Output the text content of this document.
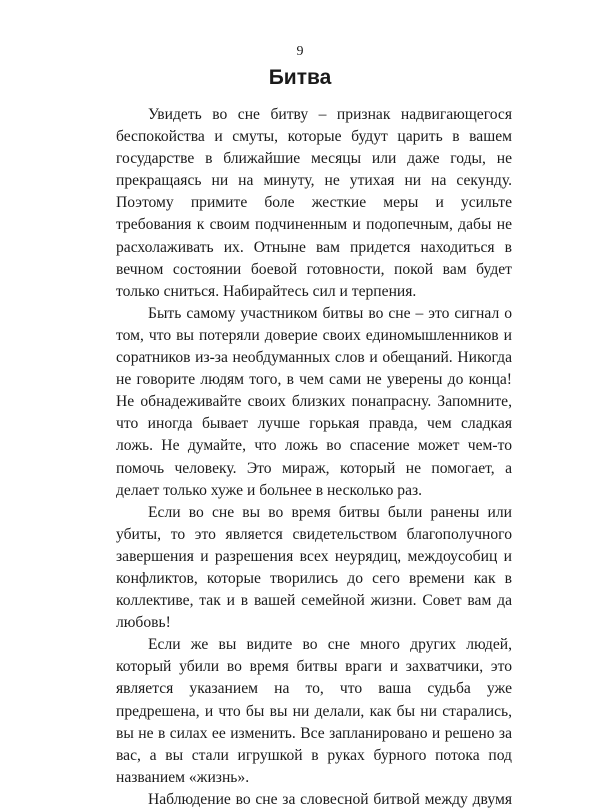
9
Битва

Увидеть во сне битву – признак надвигающегося беспокойства и смуты, которые будут царить в вашем государстве в ближайшие месяцы или даже годы, не прекращаясь ни на минуту, не утихая ни на секунду. Поэтому примите боле жесткие меры и усильте требования к своим подчиненным и подопечным, дабы не расхолаживать их. Отныне вам придется находиться в вечном состоянии боевой готовности, покой вам будет только сниться. Набирайтесь сил и терпения.

Быть самому участником битвы во сне – это сигнал о том, что вы потеряли доверие своих единомышленников и соратников из-за необдуманных слов и обещаний. Никогда не говорите людям того, в чем сами не уверены до конца! Не обнадеживайте своих близких понапрасну. Запомните, что иногда бывает лучше горькая правда, чем сладкая ложь. Не думайте, что ложь во спасение может чем-то помочь человеку. Это мираж, который не помогает, а делает только хуже и больнее в несколько раз.

Если во сне вы во время битвы были ранены или убиты, то это является свидетельством благополучного завершения и разрешения всех неурядиц, междоусобиц и конфликтов, которые творились до сего времени как в коллективе, так и в вашей семейной жизни. Совет вам да любовь!

Если же вы видите во сне много других людей, который убили во время битвы враги и захватчики, это является указанием на то, что ваша судьба уже предрешена, и что бы вы ни делали, как бы ни старались, вы не в силах ее изменить. Все запланировано и решено за вас, а вы стали игрушкой в руках бурного потока под названием «жизнь».

Наблюдение во сне за словесной битвой между двумя
